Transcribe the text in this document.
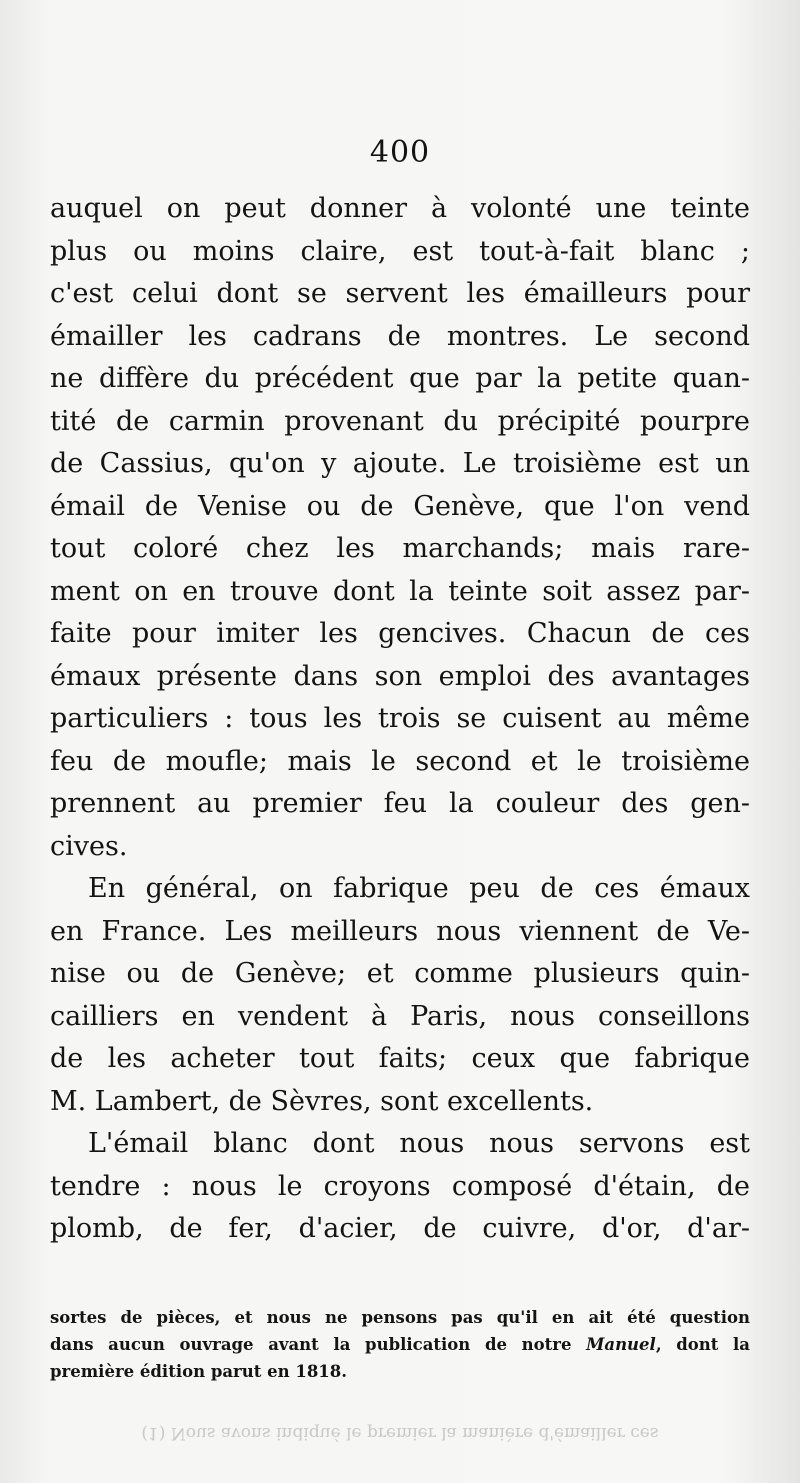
400
auquel on peut donner à volonté une teinte
plus ou moins claire, est tout-à-fait blanc ;
c'est celui dont se servent les émailleurs pour
émailler les cadrans de montres. Le second
ne diffère du précédent que par la petite quan-
tité de carmin provenant du précipité pourpre
de Cassius, qu'on y ajoute. Le troisième est un
émail de Venise ou de Genève, que l'on vend
tout coloré chez les marchands; mais rare-
ment on en trouve dont la teinte soit assez par-
faite pour imiter les gencives. Chacun de ces
émaux présente dans son emploi des avantages
particuliers : tous les trois se cuisent au même
feu de moufle; mais le second et le troisième
prennent au premier feu la couleur des gen-
cives.
En général, on fabrique peu de ces émaux
en France. Les meilleurs nous viennent de Ve-
nise ou de Genève; et comme plusieurs quin-
cailliers en vendent à Paris, nous conseillons
de les acheter tout faits; ceux que fabrique
M. Lambert, de Sèvres, sont excellents.
L'émail blanc dont nous nous servons est
tendre : nous le croyons composé d'étain, de
plomb, de fer, d'acier, de cuivre, d'or, d'ar-
sortes de pièces, et nous ne pensons pas qu'il en ait été question
dans aucun ouvrage avant la publication de notre Manuel, dont la
première édition parut en 1818.
(1) Nous avons indiqué le premier la manière d'émailler ces
